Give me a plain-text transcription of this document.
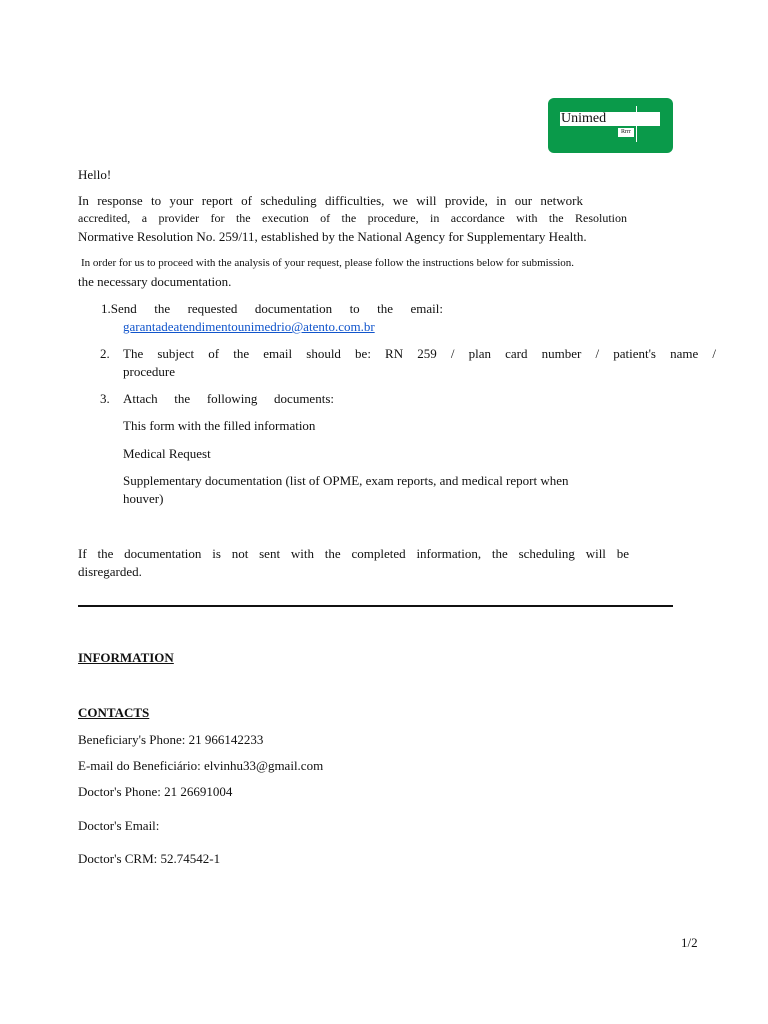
Unimed
Rrrr
Hello!
In response to your report of scheduling difficulties, we will provide, in our network
accredited, a provider for the execution of the procedure, in accordance with the Resolution
Normative Resolution No. 259/11, established by the National Agency for Supplementary Health.
In order for us to proceed with the analysis of your request, please follow the instructions below for submission.
the necessary documentation.
1.Send the requested documentation to the email:
garantadeatendimentounimedrio@atento.com.br
2. The subject of the email should be: RN 259 / plan card number / patient's name /
procedure
3. Attach the following documents:
This form with the filled information
Medical Request
Supplementary documentation (list of OPME, exam reports, and medical report when
houver)
If the documentation is not sent with the completed information, the scheduling will be
disregarded.
INFORMATION
CONTACTS
Beneficiary's Phone: 21 966142233
E-mail do Beneficiário: elvinhu33@gmail.com
Doctor's Phone: 21 26691004
Doctor's Email:
Doctor's CRM: 52.74542-1
1/2
